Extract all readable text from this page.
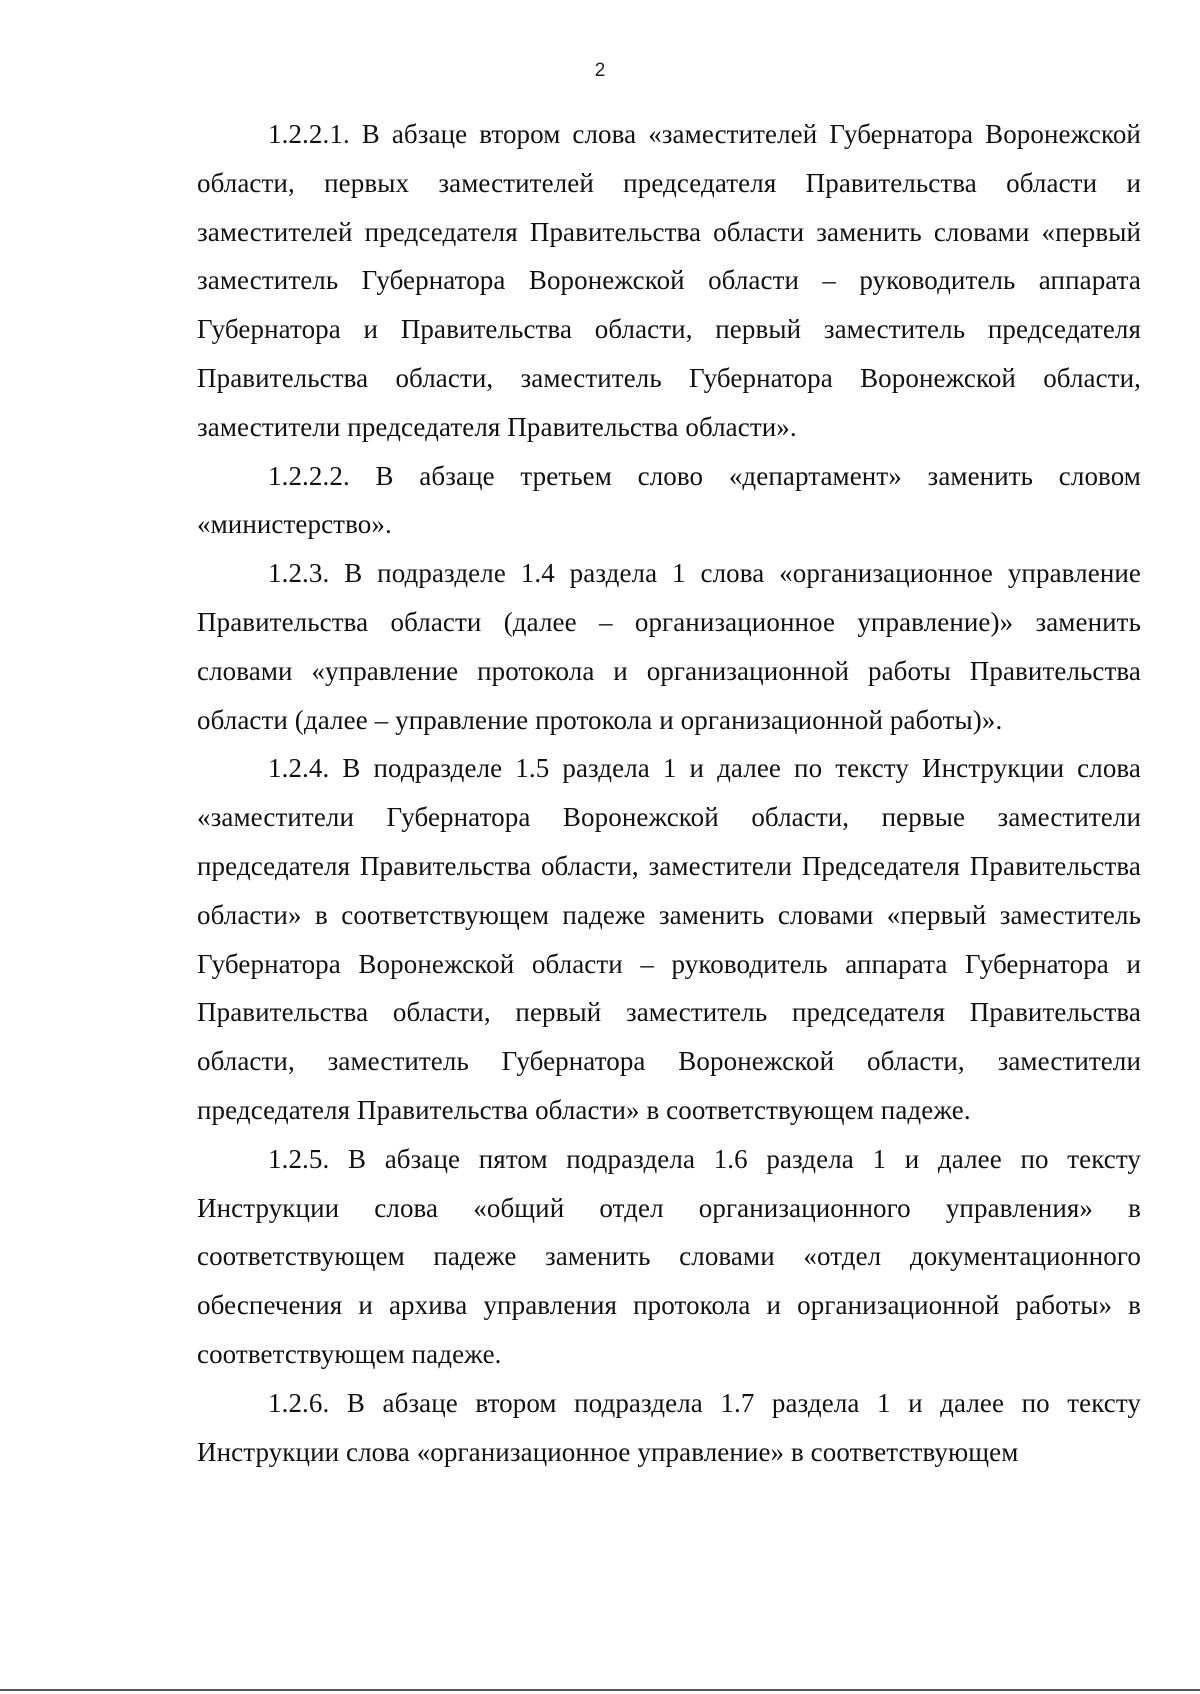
2

1.2.2.1. В абзаце втором слова «заместителей Губернатора Воронежской области, первых заместителей председателя Правительства области и заместителей председателя Правительства области заменить словами «первый заместитель Губернатора Воронежской области – руководитель аппарата Губернатора и Правительства области, первый заместитель председателя Правительства области, заместитель Губернатора Воронежской области, заместители председателя Правительства области».

1.2.2.2. В абзаце третьем слово «департамент» заменить словом «министерство».

1.2.3. В подразделе 1.4 раздела 1 слова «организационное управление Правительства области (далее – организационное управление)» заменить словами «управление протокола и организационной работы Правительства области (далее – управление протокола и организационной работы)».

1.2.4. В подразделе 1.5 раздела 1 и далее по тексту Инструкции слова «заместители Губернатора Воронежской области, первые заместители председателя Правительства области, заместители Председателя Правительства области» в соответствующем падеже заменить словами «первый заместитель Губернатора Воронежской области – руководитель аппарата Губернатора и Правительства области, первый заместитель председателя Правительства области, заместитель Губернатора Воронежской области, заместители председателя Правительства области» в соответствующем падеже.

1.2.5. В абзаце пятом подраздела 1.6 раздела 1 и далее по тексту Инструкции слова «общий отдел организационного управления» в соответствующем падеже заменить словами «отдел документационного обеспечения и архива управления протокола и организационной работы» в соответствующем падеже.

1.2.6. В абзаце втором подраздела 1.7 раздела 1 и далее по тексту Инструкции слова «организационное управление» в соответствующем
